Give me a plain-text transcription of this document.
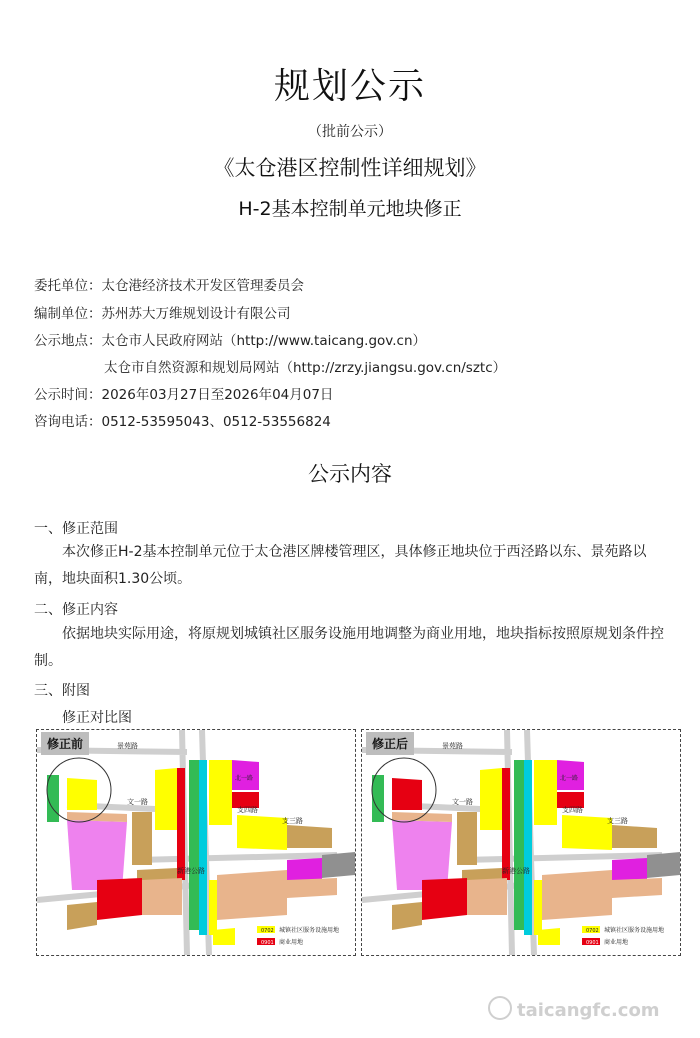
规划公示
（批前公示）
《太仓港区控制性详细规划》
H-2基本控制单元地块修正
委托单位：太仓港经济技术开发区管理委员会
编制单位：苏州苏大万维规划设计有限公司
公示地点：太仓市人民政府网站（http://www.taicang.gov.cn）
太仓市自然资源和规划局网站（http://zrzy.jiangsu.gov.cn/sztc）
公示时间：2026年03月27日至2026年04月07日
咨询电话：0512-53595043、0512-53556824
公示内容
一、修正范围
本次修正H-2基本控制单元位于太仓港区牌楼管理区，具体修正地块位于西泾路以东、景苑路以南，地块面积1.30公顷。
二、修正内容
依据地块实际用途，将原规划城镇社区服务设施用地调整为商业用地，地块指标按照原规划条件控制。
三、附图
修正对比图
修正前	景苑路
文一路
支四路
支三路
新港公路
北一路
0702 城镇社区服务设施用地
0901 商业用地
修正后	景苑路
文一路
支四路
支三路
新港公路
北一路
0702 城镇社区服务设施用地
0901 商业用地
taicangfc.com
